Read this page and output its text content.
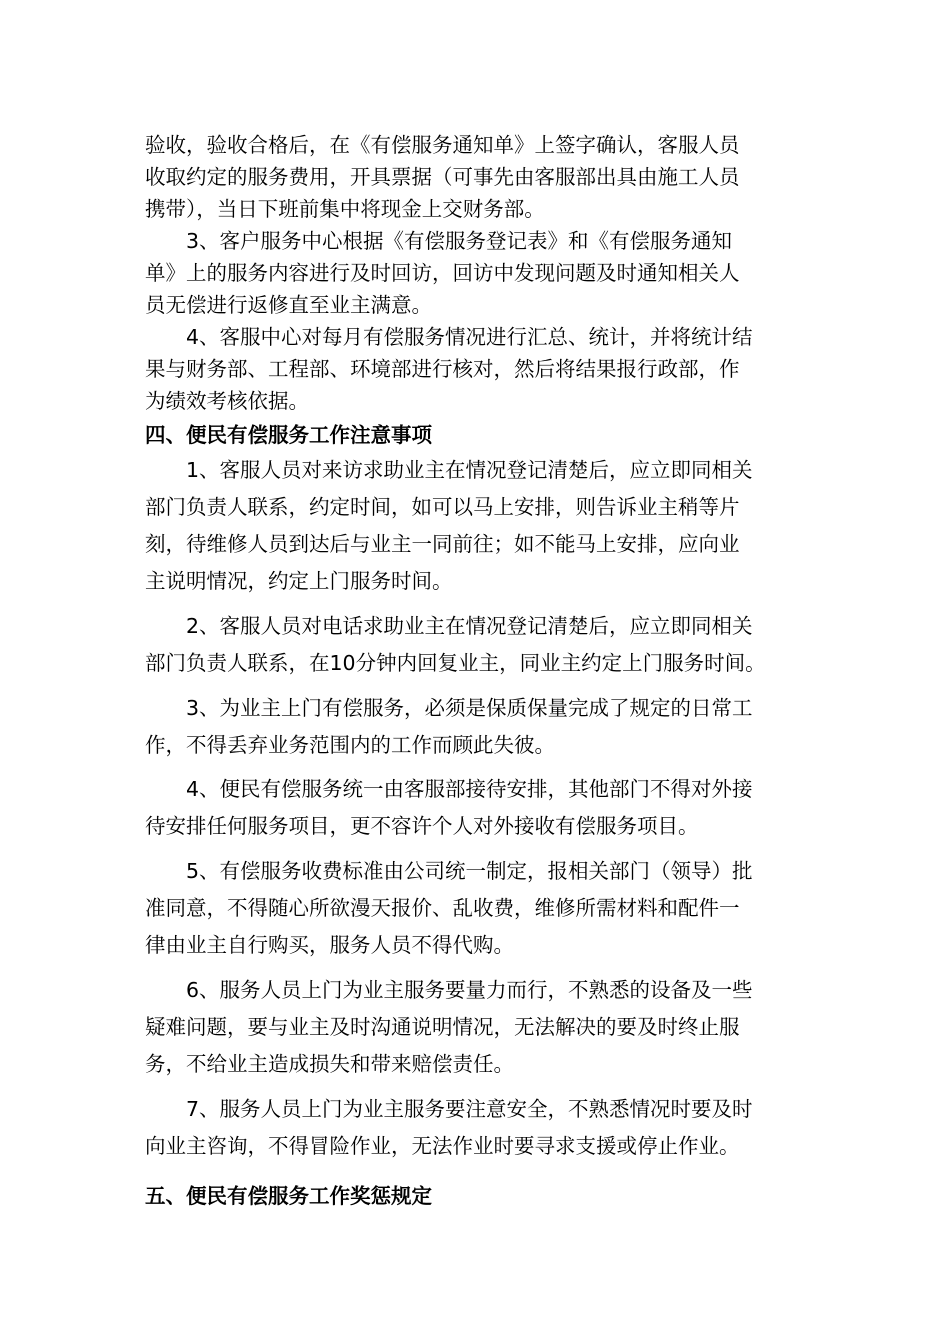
验收，验收合格后，在《有偿服务通知单》上签字确认，客服人员
收取约定的服务费用，开具票据（可事先由客服部出具由施工人员
携带），当日下班前集中将现金上交财务部。
　　3、客户服务中心根据《有偿服务登记表》和《有偿服务通知
单》上的服务内容进行及时回访，回访中发现问题及时通知相关人
员无偿进行返修直至业主满意。
　　4、客服中心对每月有偿服务情况进行汇总、统计，并将统计结
果与财务部、工程部、环境部进行核对，然后将结果报行政部，作
为绩效考核依据。
四、便民有偿服务工作注意事项
　　1、客服人员对来访求助业主在情况登记清楚后，应立即同相关
部门负责人联系，约定时间，如可以马上安排，则告诉业主稍等片
刻，待维修人员到达后与业主一同前往；如不能马上安排，应向业
主说明情况，约定上门服务时间。
　　2、客服人员对电话求助业主在情况登记清楚后，应立即同相关
部门负责人联系，在10分钟内回复业主，同业主约定上门服务时间。
　　3、为业主上门有偿服务，必须是保质保量完成了规定的日常工
作，不得丢弃业务范围内的工作而顾此失彼。
　　4、便民有偿服务统一由客服部接待安排，其他部门不得对外接
待安排任何服务项目，更不容许个人对外接收有偿服务项目。
　　5、有偿服务收费标准由公司统一制定，报相关部门（领导）批
准同意，不得随心所欲漫天报价、乱收费，维修所需材料和配件一
律由业主自行购买，服务人员不得代购。
　　6、服务人员上门为业主服务要量力而行，不熟悉的设备及一些
疑难问题，要与业主及时沟通说明情况，无法解决的要及时终止服
务，不给业主造成损失和带来赔偿责任。
　　7、服务人员上门为业主服务要注意安全，不熟悉情况时要及时
向业主咨询，不得冒险作业，无法作业时要寻求支援或停止作业。
五、便民有偿服务工作奖惩规定
